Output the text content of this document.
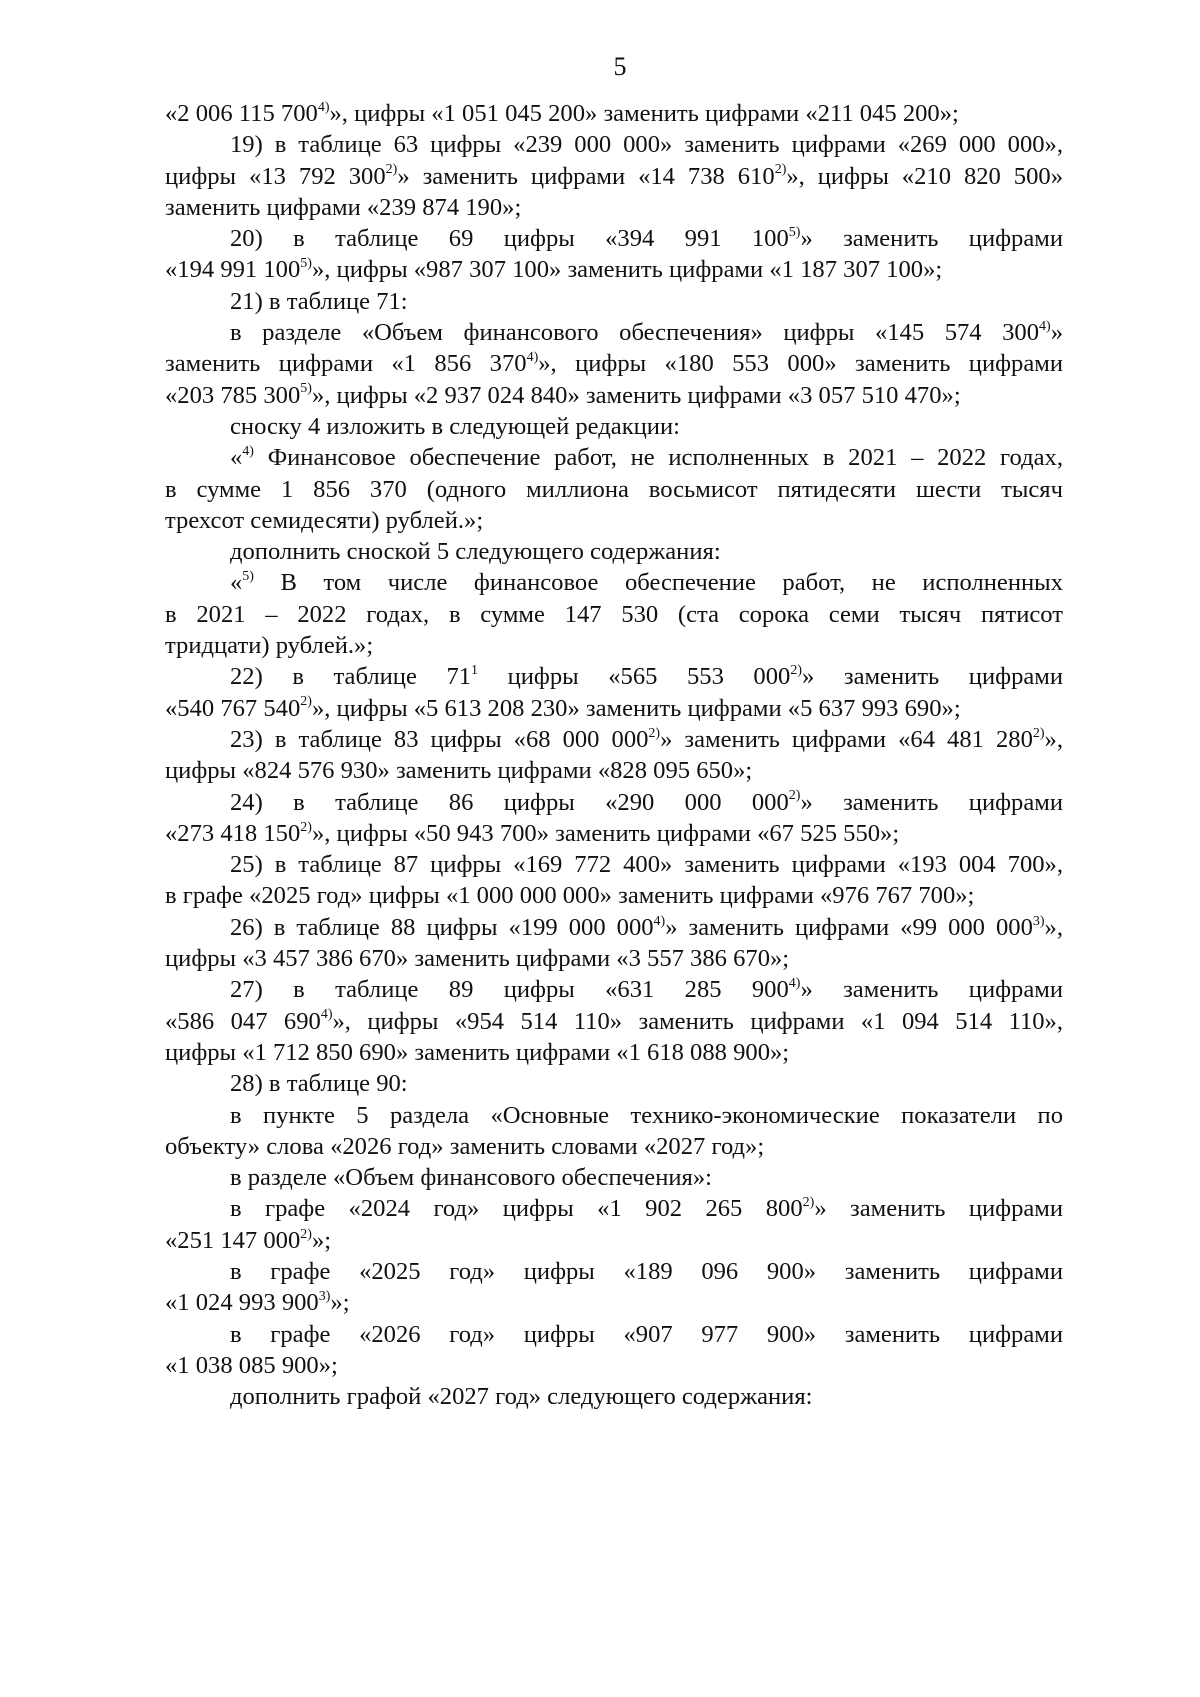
5
«2 006 115 700$^{4)}$», цифры «1 051 045 200» заменить цифрами «211 045 200»;
19) в таблице 63 цифры «239 000 000» заменить цифрами «269 000 000»,
цифры «13 792 300$^{2)}$» заменить цифрами «14 738 610$^{2)}$», цифры «210 820 500»
заменить цифрами «239 874 190»;
20) в таблице 69 цифры «394 991 100$^{5)}$» заменить цифрами
«194 991 100$^{5)}$», цифры «987 307 100» заменить цифрами «1 187 307 100»;
21) в таблице 71:
в разделе «Объем финансового обеспечения» цифры «145 574 300$^{4)}$»
заменить цифрами «1 856 370$^{4)}$», цифры «180 553 000» заменить цифрами
«203 785 300$^{5)}$», цифры «2 937 024 840» заменить цифрами «3 057 510 470»;
сноску 4 изложить в следующей редакции:
«$^{4)}$ Финансовое обеспечение работ, не исполненных в 2021 – 2022 годах,
в сумме 1 856 370 (одного миллиона восьмисот пятидесяти шести тысяч
трехсот семидесяти) рублей.»;
дополнить сноской 5 следующего содержания:
«$^{5)}$ В том числе финансовое обеспечение работ, не исполненных
в 2021 – 2022 годах, в сумме 147 530 (ста сорока семи тысяч пятисот
тридцати) рублей.»;
22) в таблице $71^1$ цифры «565 553 000$^{2)}$» заменить цифрами
«540 767 540$^{2)}$», цифры «5 613 208 230» заменить цифрами «5 637 993 690»;
23) в таблице 83 цифры «68 000 000$^{2)}$» заменить цифрами «64 481 280$^{2)}$»,
цифры «824 576 930» заменить цифрами «828 095 650»;
24) в таблице 86 цифры «290 000 000$^{2)}$» заменить цифрами
«273 418 150$^{2)}$», цифры «50 943 700» заменить цифрами «67 525 550»;
25) в таблице 87 цифры «169 772 400» заменить цифрами «193 004 700»,
в графе «2025 год» цифры «1 000 000 000» заменить цифрами «976 767 700»;
26) в таблице 88 цифры «199 000 000$^{4)}$» заменить цифрами «99 000 000$^{3)}$»,
цифры «3 457 386 670» заменить цифрами «3 557 386 670»;
27) в таблице 89 цифры «631 285 900$^{4)}$» заменить цифрами
«586 047 690$^{4)}$», цифры «954 514 110» заменить цифрами «1 094 514 110»,
цифры «1 712 850 690» заменить цифрами «1 618 088 900»;
28) в таблице 90:
в пункте 5 раздела «Основные технико-экономические показатели по
объекту» слова «2026 год» заменить словами «2027 год»;
в разделе «Объем финансового обеспечения»:
в графе «2024 год» цифры «1 902 265 800$^{2)}$» заменить цифрами
«251 147 000$^{2)}$»;
в графе «2025 год» цифры «189 096 900» заменить цифрами
«1 024 993 900$^{3)}$»;
в графе «2026 год» цифры «907 977 900» заменить цифрами
«1 038 085 900»;
дополнить графой «2027 год» следующего содержания:
